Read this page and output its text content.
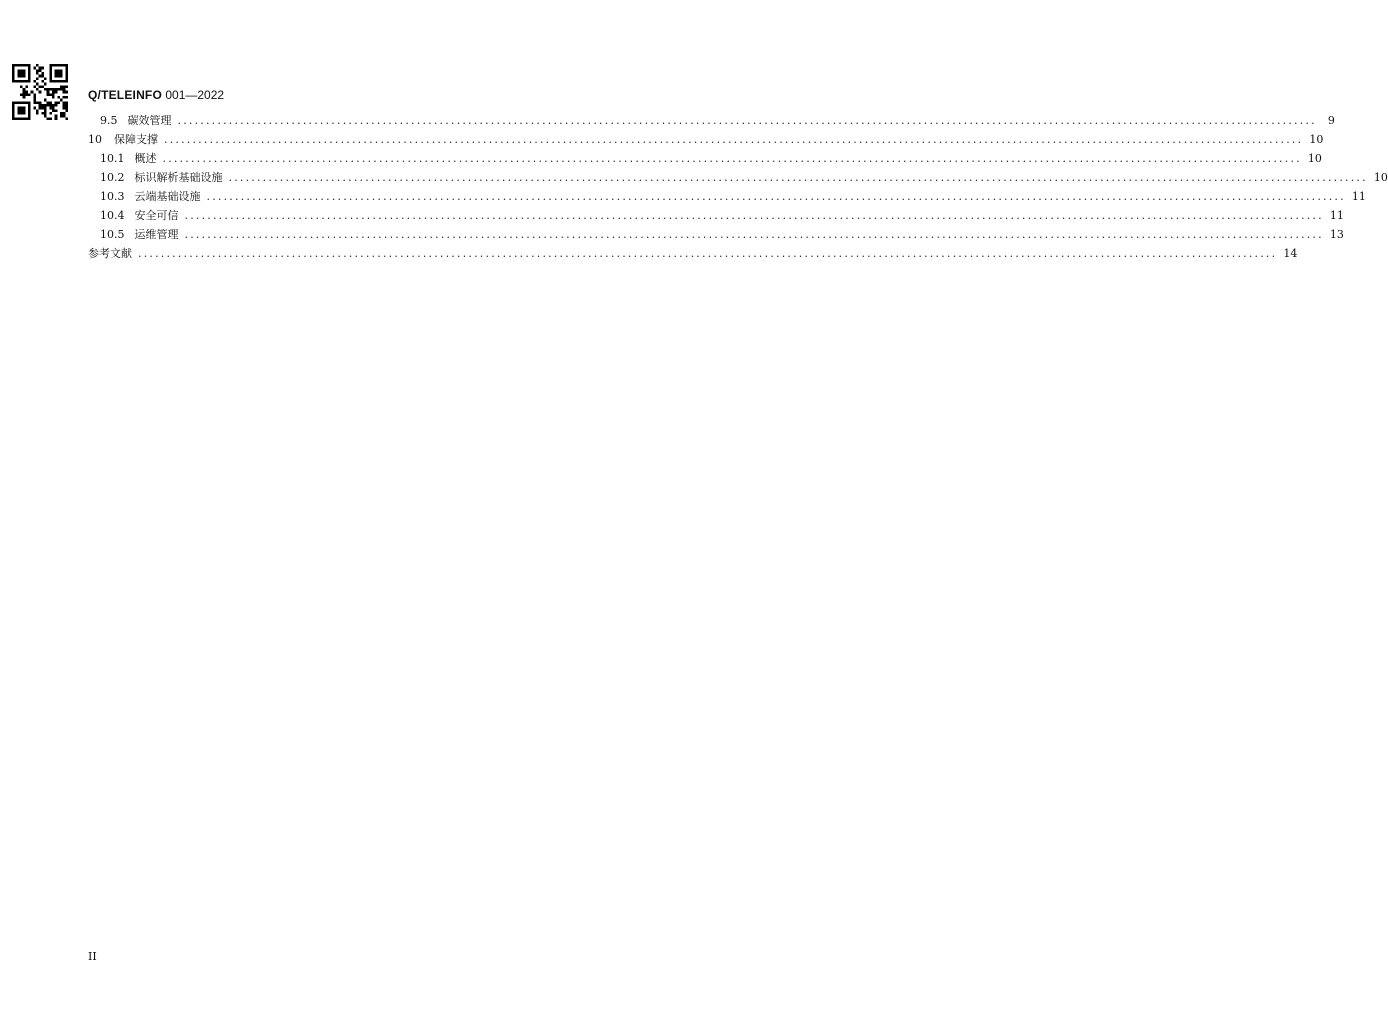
Q/TELEINFO 001—2022
9.5 碳效管理 ........................................................................................................................................................................................................	9
10 保障支撑 ........................................................................................................................................................................................................ 10
10.1 概述 ........................................................................................................................................................................................................ 10
10.2 标识解析基础设施 ........................................................................................................................................................................................................ 10
10.3 云端基础设施 ........................................................................................................................................................................................................ 11
10.4 安全可信 ........................................................................................................................................................................................................ 11
10.5 运维管理 ........................................................................................................................................................................................................ 13
参考文献 ........................................................................................................................................................................................................ 14
II
